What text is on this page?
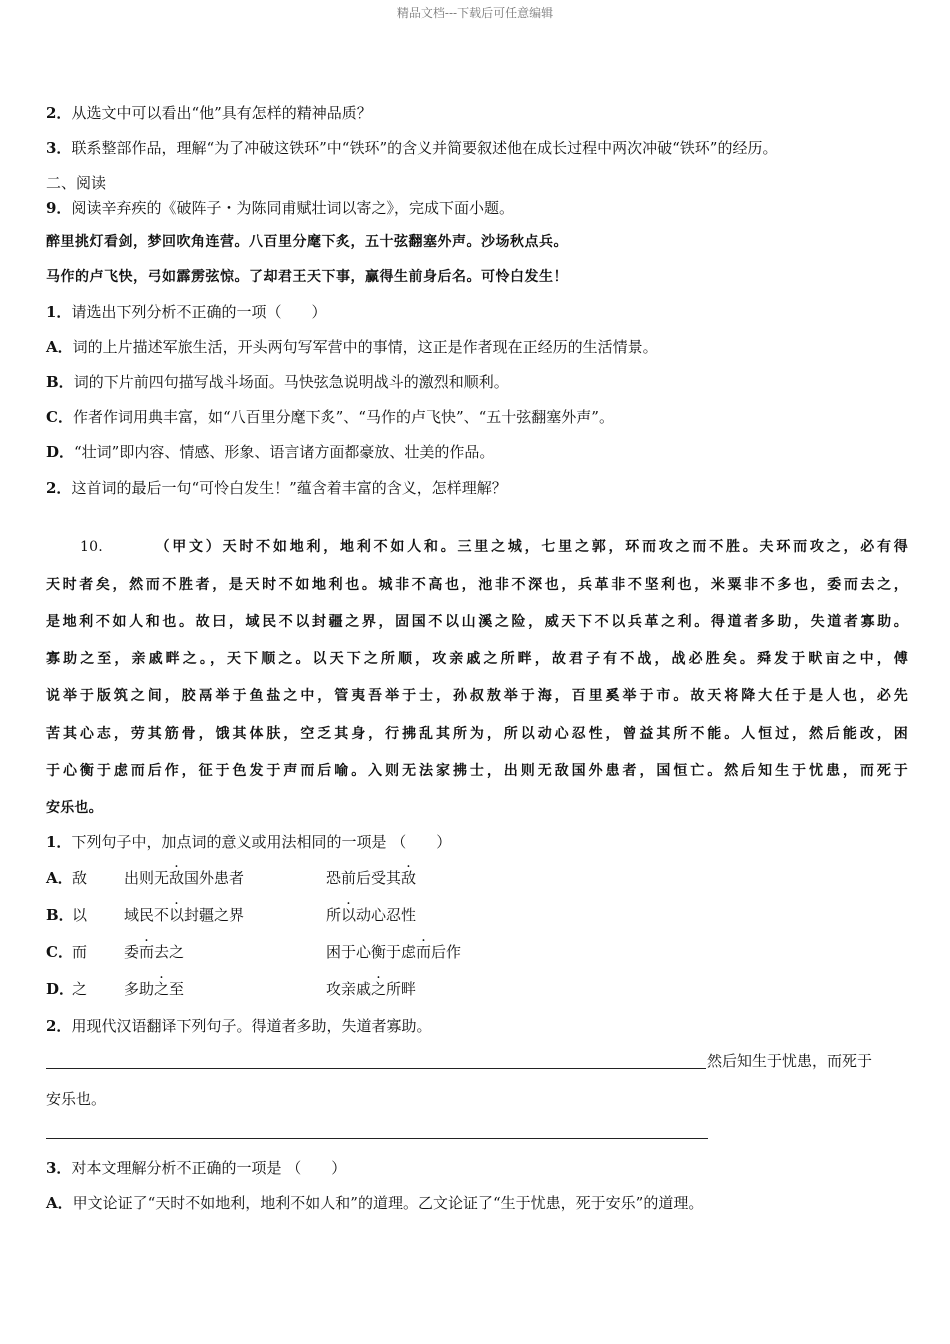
精品文档---下载后可任意编辑
2．从选文中可以看出“他”具有怎样的精神品质？
3．联系整部作品，理解“为了冲破这铁环”中“铁环”的含义并简要叙述他在成长过程中两次冲破“铁环”的经历。
二、阅读
9．阅读辛弃疾的《破阵子・为陈同甫赋壮词以寄之》，完成下面小题。
醉里挑灯看剑，梦回吹角连营。八百里分麾下炙，五十弦翻塞外声。沙场秋点兵。
马作的卢飞快，弓如霹雳弦惊。了却君王天下事，赢得生前身后名。可怜白发生！
1．请选出下列分析不正确的一项（　　）
A．词的上片描述军旅生活，开头两句写军营中的事情，这正是作者现在正经历的生活情景。
B．词的下片前四句描写战斗场面。马快弦急说明战斗的激烈和顺利。
C．作者作词用典丰富，如“八百里分麾下炙”、“马作的卢飞快”、“五十弦翻塞外声”。
D．“壮词”即内容、情感、形象、语言诸方面都豪放、壮美的作品。
2．这首词的最后一句“可怜白发生！”蕴含着丰富的含义，怎样理解？
10.	（甲文）天时不如地利，地利不如人和。三里之城，七里之郭，环而攻之而不胜。夫环而攻之，必有得
天时者矣，然而不胜者，是天时不如地利也。城非不高也，池非不深也，兵革非不坚利也，米粟非不多也，委而去之，
是地利不如人和也。故曰，域民不以封疆之界，固国不以山溪之险，威天下不以兵革之利。得道者多助，失道者寡助。
寡助之至，亲戚畔之。，天下顺之。以天下之所顺，攻亲戚之所畔，故君子有不战，战必胜矣。舜发于畎亩之中，傅
说举于版筑之间，胶鬲举于鱼盐之中，管夷吾举于士，孙叔敖举于海，百里奚举于市。故天将降大任于是人也，必先
苦其心志，劳其筋骨，饿其体肤，空乏其身，行拂乱其所为，所以动心忍性，曾益其所不能。人恒过，然后能改，困
于心衡于虑而后作，征于色发于声而后喻。入则无法家拂士，出则无敌国外患者，国恒亡。然后知生于忧患，而死于
安乐也。
1．下列句子中，加点词的意义或用法相同的一项是 （　　）
A．敌 出则无敌国外患者	恐前后受其敌
B．以 域民不以封疆之界	所以动心忍性
C．而 委而去之	困于心衡于虑而后作
D．之 多助之至	攻亲戚之所畔
2．用现代汉语翻译下列句子。得道者多助，失道者寡助。
然后知生于忧患，而死于
安乐也。
3．对本文理解分析不正确的一项是 （　　）
A．甲文论证了“天时不如地利，地利不如人和”的道理。乙文论证了“生于忧患，死于安乐”的道理。
